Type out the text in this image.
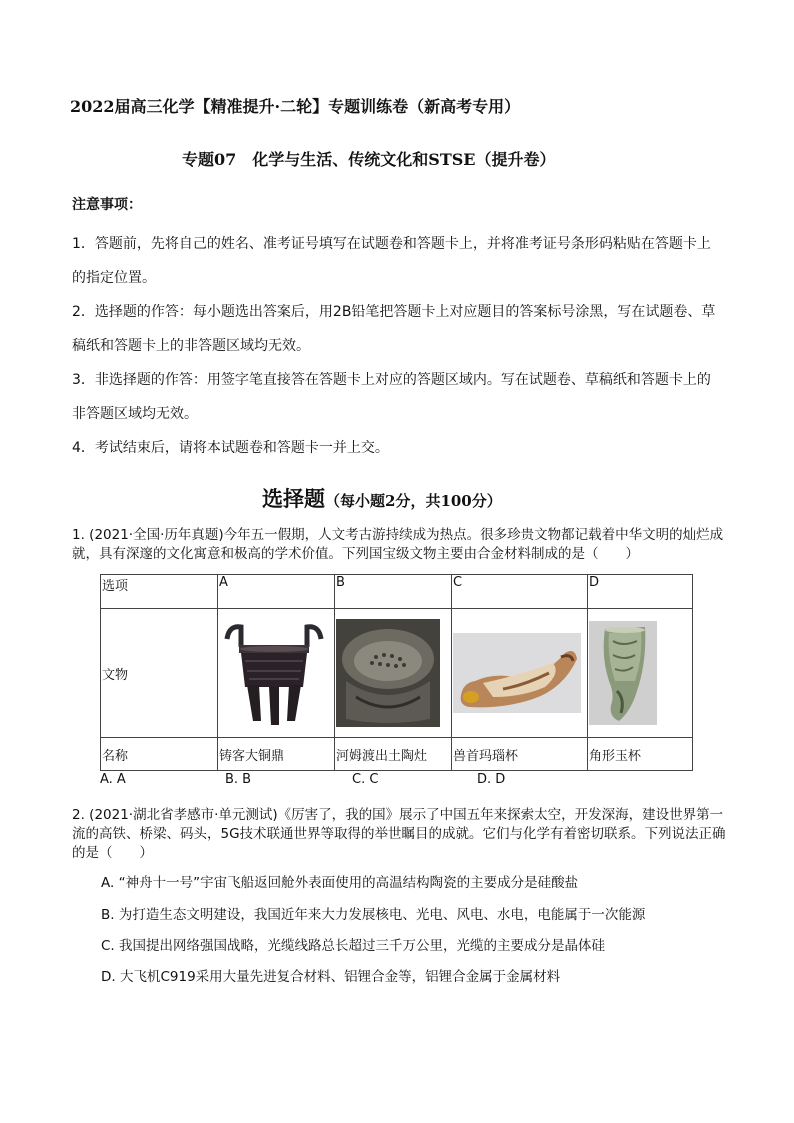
2022届高三化学【精准提升·二轮】专题训练卷（新高考专用）
专题07　化学与生活、传统文化和STSE（提升卷）
注意事项：
1．答题前，先将自己的姓名、准考证号填写在试题卷和答题卡上，并将准考证号条形码粘贴在答题卡上的指定位置。
2．选择题的作答：每小题选出答案后，用2B铅笔把答题卡上对应题目的答案标号涂黑，写在试题卷、草稿纸和答题卡上的非答题区域均无效。
3．非选择题的作答：用签字笔直接答在答题卡上对应的答题区域内。写在试题卷、草稿纸和答题卡上的非答题区域均无效。
4．考试结束后，请将本试题卷和答题卡一并上交。
选择题（每小题2分，共100分）
1. (2021·全国·历年真题)今年五一假期，人文考古游持续成为热点。很多珍贵文物都记载着中华文明的灿烂成就，具有深邃的文化寓意和极高的学术价值。下列国宝级文物主要由合金材料制成的是（　　）
选项	A	B	C	D
文物	

名称	铸客大铜鼎	河姆渡出土陶灶	兽首玛瑙杯	角形玉杯
A. A	B. B	C. C	D. D
2. (2021·湖北省孝感市·单元测试)《厉害了，我的国》展示了中国五年来探索太空，开发深海，建设世界第一流的高铁、桥梁、码头，5G技术联通世界等取得的举世瞩目的成就。它们与化学有着密切联系。下列说法正确的是（　　）
A. “神舟十一号”宇宙飞船返回舱外表面使用的高温结构陶瓷的主要成分是硅酸盐
B. 为打造生态文明建设，我国近年来大力发展核电、光电、风电、水电，电能属于一次能源
C. 我国提出网络强国战略，光缆线路总长超过三千万公里，光缆的主要成分是晶体硅
D. 大飞机C919采用大量先进复合材料、铝锂合金等，铝锂合金属于金属材料
